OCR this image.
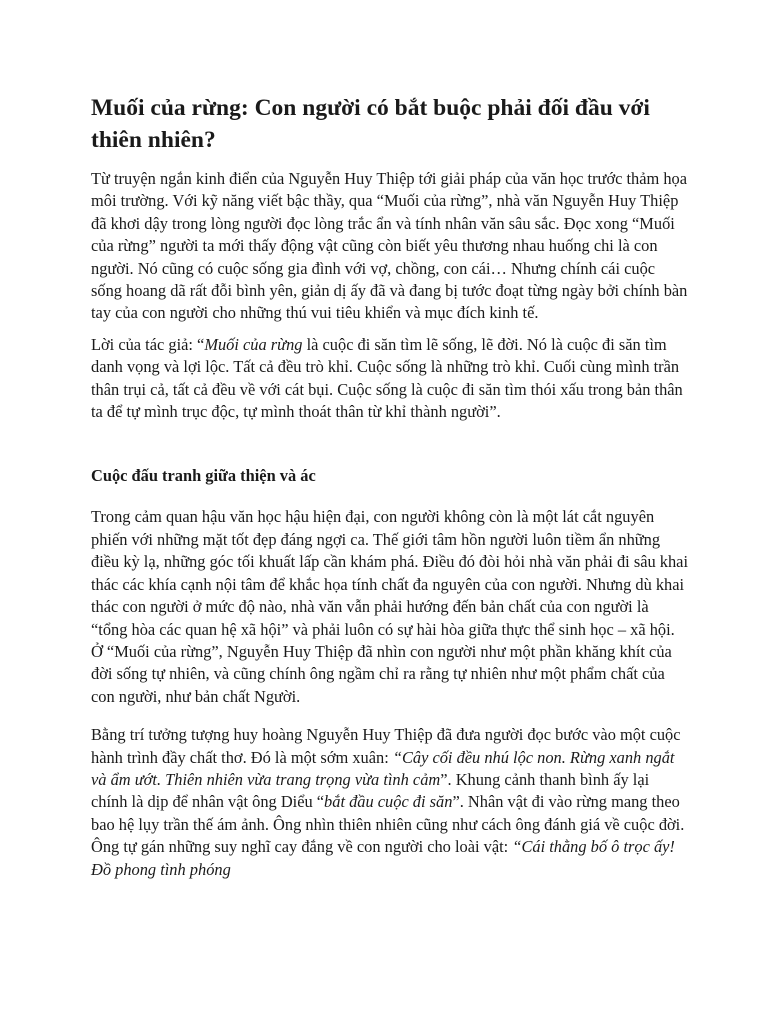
Muối của rừng: Con người có bắt buộc phải đối đầu với thiên nhiên?

Từ truyện ngắn kinh điển của Nguyễn Huy Thiệp tới giải pháp của văn học trước thảm họa môi trường. Với kỹ năng viết bậc thầy, qua “Muối của rừng”, nhà văn Nguyễn Huy Thiệp đã khơi dậy trong lòng người đọc lòng trắc ẩn và tính nhân văn sâu sắc. Đọc xong “Muối của rừng” người ta mới thấy động vật cũng còn biết yêu thương nhau huống chi là con người. Nó cũng có cuộc sống gia đình với vợ, chồng, con cái… Nhưng chính cái cuộc sống hoang dã rất đỗi bình yên, giản dị ấy đã và đang bị tước đoạt từng ngày bởi chính bàn tay của con người cho những thú vui tiêu khiển và mục đích kinh tế.

Lời của tác giả: “Muối của rừng là cuộc đi săn tìm lẽ sống, lẽ đời. Nó là cuộc đi săn tìm danh vọng và lợi lộc. Tất cả đều trò khỉ. Cuộc sống là những trò khỉ. Cuối cùng mình trần thân trụi cả, tất cả đều về với cát bụi. Cuộc sống là cuộc đi săn tìm thói xấu trong bản thân ta để tự mình trục độc, tự mình thoát thân từ khỉ thành người”.

Cuộc đấu tranh giữa thiện và ác

Trong cảm quan hậu văn học hậu hiện đại, con người không còn là một lát cắt nguyên phiến với những mặt tốt đẹp đáng ngợi ca. Thế giới tâm hồn người luôn tiềm ẩn những điều kỳ lạ, những góc tối khuất lấp cần khám phá. Điều đó đòi hỏi nhà văn phải đi sâu khai thác các khía cạnh nội tâm để khắc họa tính chất đa nguyên của con người. Nhưng dù khai thác con người ở mức độ nào, nhà văn vẫn phải hướng đến bản chất của con người là “tổng hòa các quan hệ xã hội” và phải luôn có sự hài hòa giữa thực thể sinh học – xã hội. Ở “Muối của rừng”, Nguyễn Huy Thiệp đã nhìn con người như một phần khăng khít của đời sống tự nhiên, và cũng chính ông ngầm chỉ ra rằng tự nhiên như một phẩm chất của con người, như bản chất Người.

Bằng trí tưởng tượng huy hoàng Nguyễn Huy Thiệp đã đưa người đọc bước vào một cuộc hành trình đầy chất thơ. Đó là một sớm xuân: “Cây cối đều nhú lộc non. Rừng xanh ngắt và ẩm ướt. Thiên nhiên vừa trang trọng vừa tình cảm”. Khung cảnh thanh bình ấy lại chính là dịp để nhân vật ông Diểu “bắt đầu cuộc đi săn”. Nhân vật đi vào rừng mang theo bao hệ lụy trần thế ám ảnh. Ông nhìn thiên nhiên cũng như cách ông đánh giá về cuộc đời. Ông tự gán những suy nghĩ cay đắng về con người cho loài vật: “Cái thằng bố ô trọc ấy! Đồ phong tình phóng
